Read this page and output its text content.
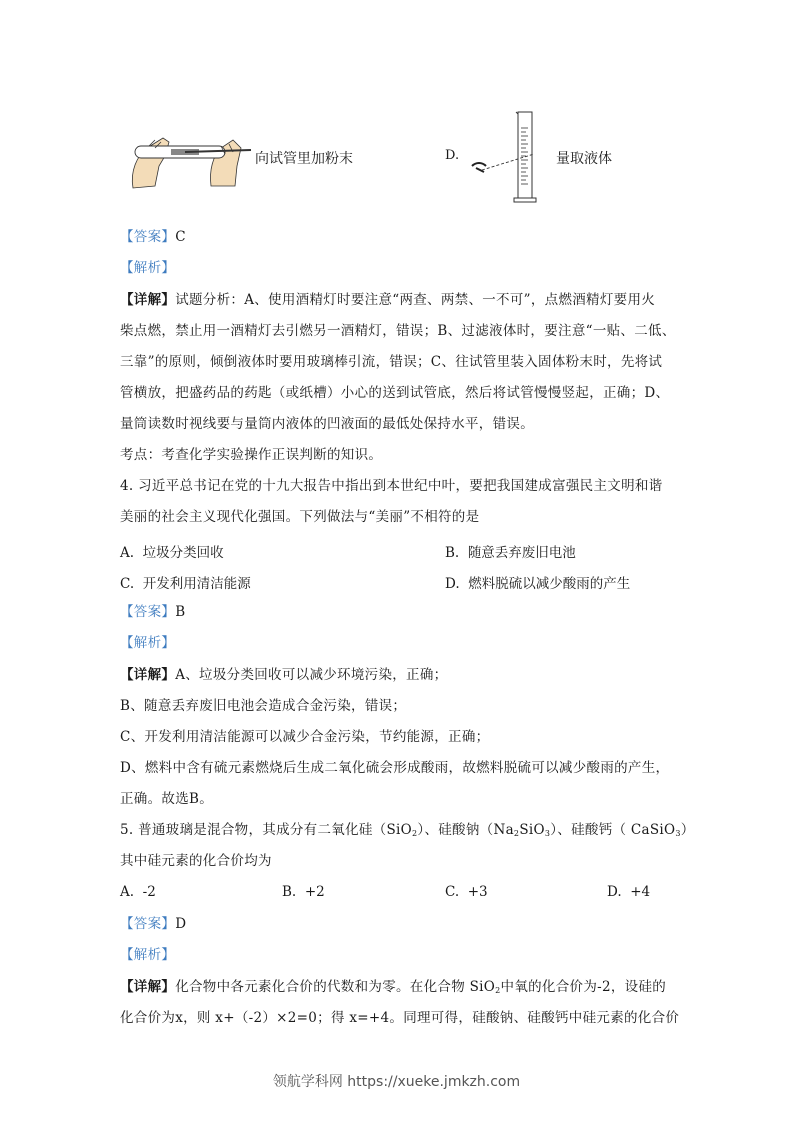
向试管里加粉末	D.	量取液体
【答案】C
【解析】
【详解】试题分析：A、使用酒精灯时要注意“两查、两禁、一不可”，点燃酒精灯要用火
柴点燃，禁止用一酒精灯去引燃另一酒精灯，错误；B、过滤液体时，要注意“一贴、二低、
三靠”的原则，倾倒液体时要用玻璃棒引流，错误；C、往试管里装入固体粉末时，先将试
管横放，把盛药品的药匙（或纸槽）小心的送到试管底，然后将试管慢慢竖起，正确；D、
量筒读数时视线要与量筒内液体的凹液面的最低处保持水平，错误。
考点：考查化学实验操作正误判断的知识。
4. 习近平总书记在党的十九大报告中指出到本世纪中叶，要把我国建成富强民主文明和谐
美丽的社会主义现代化强国。下列做法与“美丽”不相符的是
A. 垃圾分类回收	B. 随意丢弃废旧电池
C. 开发利用清洁能源	D. 燃料脱硫以减少酸雨的产生
【答案】B
【解析】
【详解】A、垃圾分类回收可以减少环境污染，正确；
B、随意丢弃废旧电池会造成合金污染，错误；
C、开发利用清洁能源可以减少合金污染，节约能源，正确；
D、燃料中含有硫元素燃烧后生成二氧化硫会形成酸雨，故燃料脱硫可以减少酸雨的产生，
正确。故选B。
5. 普通玻璃是混合物，其成分有二氧化硅（SiO$_2$）、硅酸钠$(Na_2SiO_3)$、硅酸钙（ CaSiO$_3$）
其中硅元素的化合价均为
A. -2	B. +2	C. +3	D. +4
【答案】D
【解析】
【详解】化合物中各元素化合价的代数和为零。在化合物 SiO$_2$中氧的化合价为-2，设硅的
化合价为x，则 x+（-2）×2=0；得 x=+4。同理可得，硅酸钠、硅酸钙中硅元素的化合价
领航学科网 https://xueke.jmkzh.com
